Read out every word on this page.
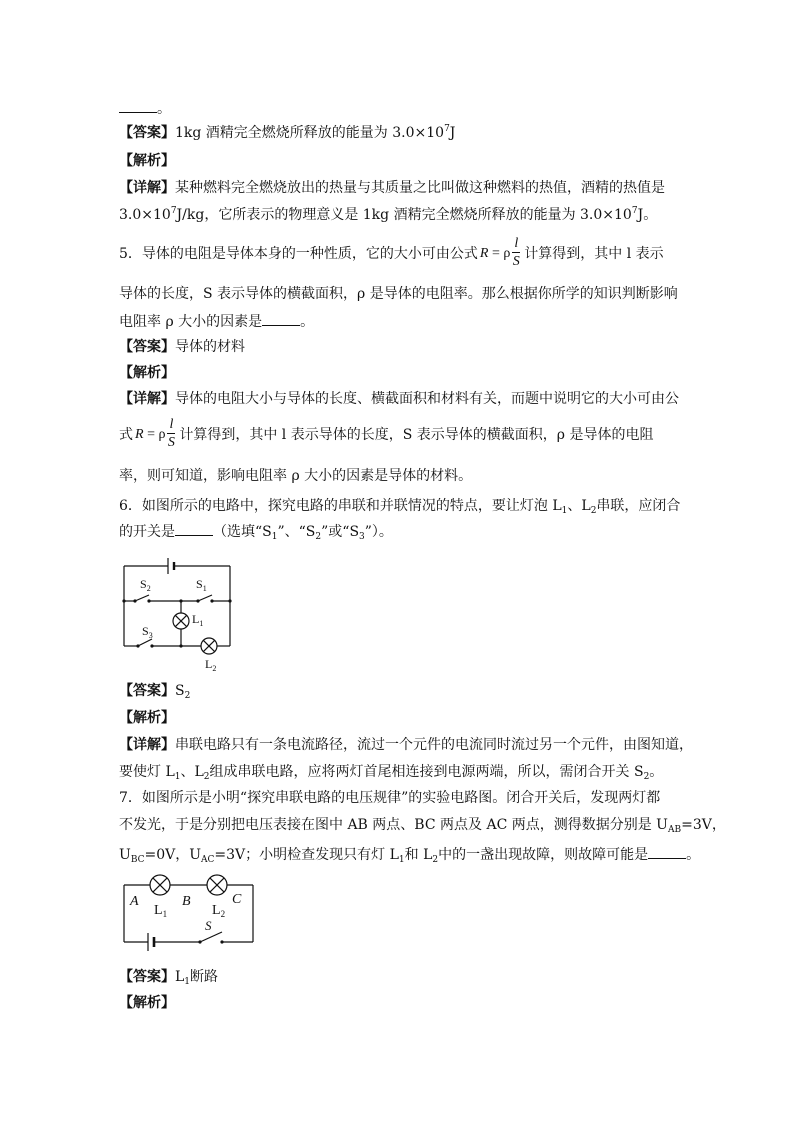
。
【答案】1kg 酒精完全燃烧所释放的能量为 $3.0\times 10^7J$
【解析】
【详解】某种燃料完全燃烧放出的热量与其质量之比叫做这种燃料的热值，酒精的热值是
$3.0\times 10^7J/kg$，它所表示的物理意义是 1kg 酒精完全燃烧所释放的能量为 $3.0\times 10^7J$。
5．导体的电阻是导体本身的一种性质，它的大小可由公式 R = ρ $\frac{l}{S}$ 计算得到，其中 l 表示
导体的长度，S 表示导体的横截面积，ρ 是导体的电阻率。那么根据你所学的知识判断影响
电阻率 ρ 大小的因素是	。
【答案】导体的材料
【解析】
【详解】导体的电阻大小与导体的长度、横截面积和材料有关，而题中说明它的大小可由公
式 R = ρ $\frac{l}{S}$ 计算得到，其中 l 表示导体的长度，S 表示导体的横截面积，ρ 是导体的电阻
率，则可知道，影响电阻率 ρ 大小的因素是导体的材料。
6．如图所示的电路中，探究电路的串联和并联情况的特点，要让灯泡 $L_1$、$L_2$串联，应闭合
的开关是	（选填“$S_1$”、“$S_2$”或“$S_3$”）。
$S_2$	$S_1$
$S_3$
$L_1$
$L_2$
【答案】$S_2$
【解析】
【详解】串联电路只有一条电流路径，流过一个元件的电流同时流过另一个元件，由图知道，
要使灯 $L_1$、$L_2$组成串联电路，应将两灯首尾相连接到电源两端，所以，需闭合开关 $S_2$。
7．如图所示是小明“探究串联电路的电压规律”的实验电路图。闭合开关后，发现两灯都
不发光，于是分别把电压表接在图中 AB 两点、BC 两点及 AC 两点，测得数据分别是 $U_{AB}=3V$，
$U_{BC}=0V$，$U_{AC}=3V$；小明检查发现只有灯 $L_1$和 $L_2$中的一盏出现故障，则故障可能是	。
A	B	C
$L_1$	$L_2$
S
【答案】$L_1$断路
【解析】
